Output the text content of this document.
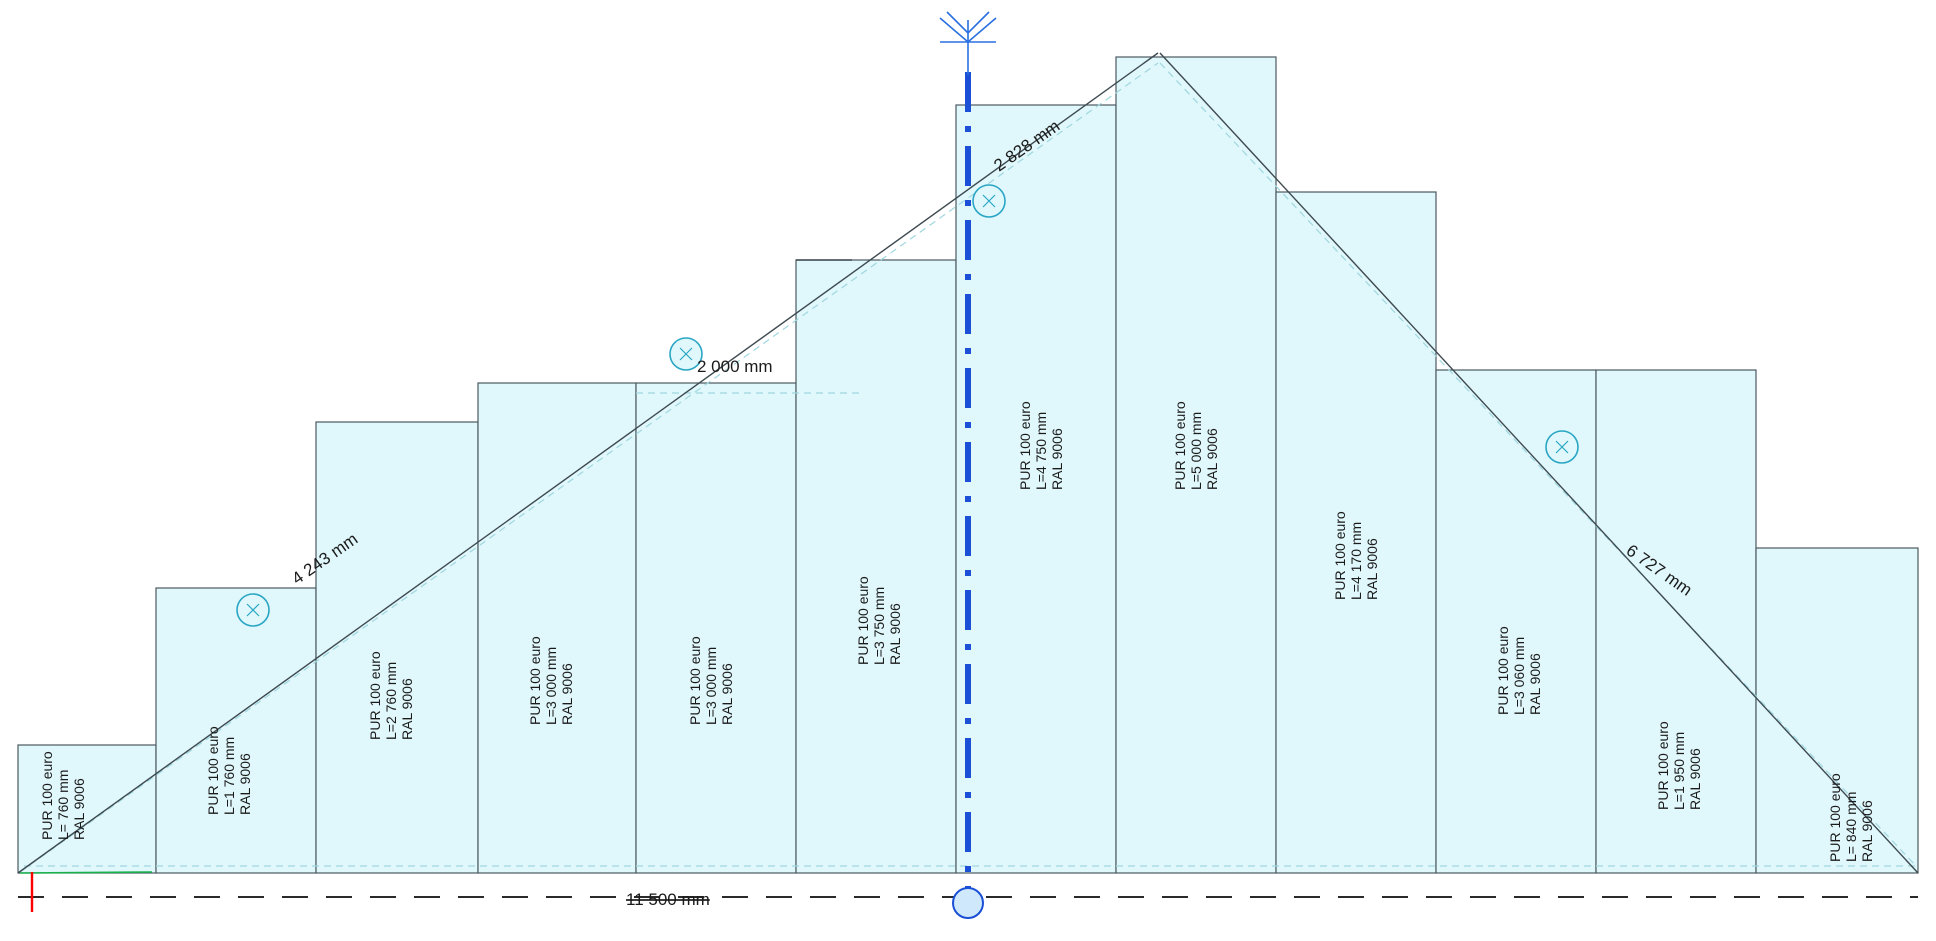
PUR 100 euro L= 760 mm RAL 9006	PUR 100 euro L=1 760 mm RAL 9006
PUR 100 euro L=2 760 mm RAL 9006	PUR 100 euro L=3 000 mm RAL 9006	PUR 100 euro L=3 000 mm RAL 9006
PUR 100 euro L=3 750 mm RAL 9006
PUR 100 euro L=4 750 mm RAL 9006	PUR 100 euro L=5 000 mm RAL 9006
PUR 100 euro L=4 170 mm RAL 9006
PUR 100 euro L=3 060 mm RAL 9006
PUR 100 euro L=1 950 mm RAL 9006	PUR 100 euro L= 840 mm RAL 9006
4 243 mm
2 000 mm
2 828 mm
6 727 mm
11 500 mm
